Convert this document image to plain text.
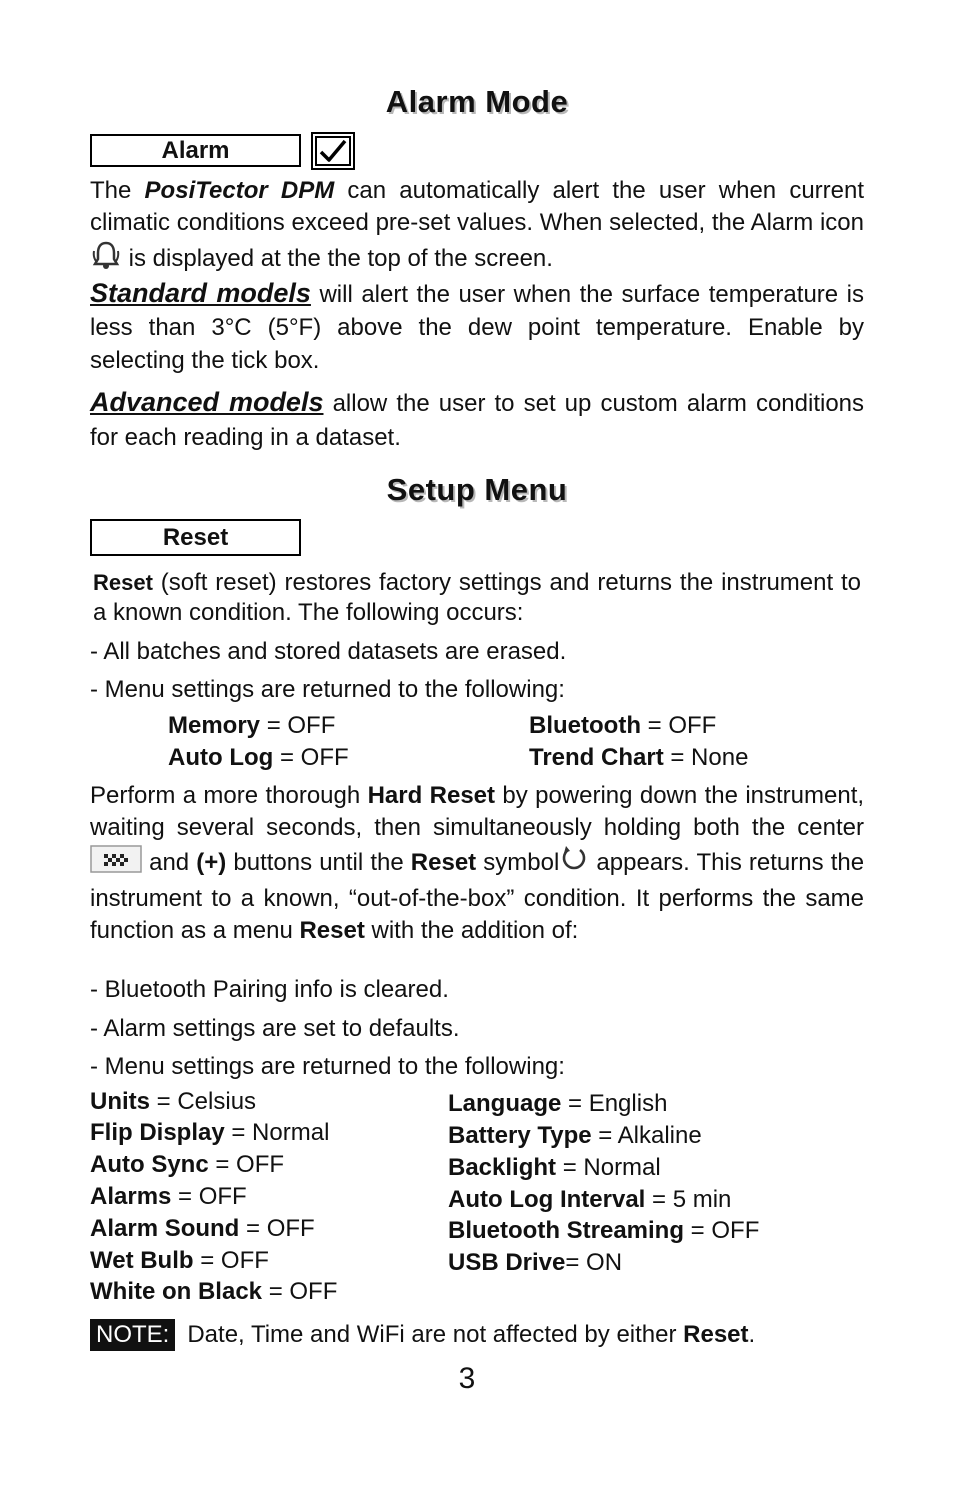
Alarm Mode
Alarm

The PosiTector DPM can automatically alert the user when current climatic conditions exceed pre-set values. When selected, the Alarm icon is displayed at the the top of the screen.

Standard models will alert the user when the surface temperature is less than 3°C (5°F) above the dew point temperature. Enable by selecting the tick box.

Advanced models allow the user to set up custom alarm conditions for each reading in a dataset.

Setup Menu
Reset

Reset (soft reset) restores factory settings and returns the instrument to a known condition. The following occurs:

- All batches and stored datasets are erased.
- Menu settings are returned to the following:
Memory = OFF	Bluetooth = OFF
Auto Log = OFF	Trend Chart = None

Perform a more thorough Hard Reset by powering down the instrument, waiting several seconds, then simultaneously holding both the center  and (+) buttons until the Reset symbol appears. This returns the instrument to a known, “out-of-the-box” condition. It performs the same function as a menu Reset with the addition of:

- Bluetooth Pairing info is cleared.
- Alarm settings are set to defaults.
- Menu settings are returned to the following:
Units = Celsius
Flip Display = Normal
Auto Sync = OFF
Alarms = OFF
Alarm Sound = OFF
Wet Bulb = OFF
White on Black = OFF
Language = English
Battery Type = Alkaline
Backlight = Normal
Auto Log Interval = 5 min
Bluetooth Streaming = OFF
USB Drive= ON
NOTE: Date, Time and WiFi are not affected by either Reset.
3
